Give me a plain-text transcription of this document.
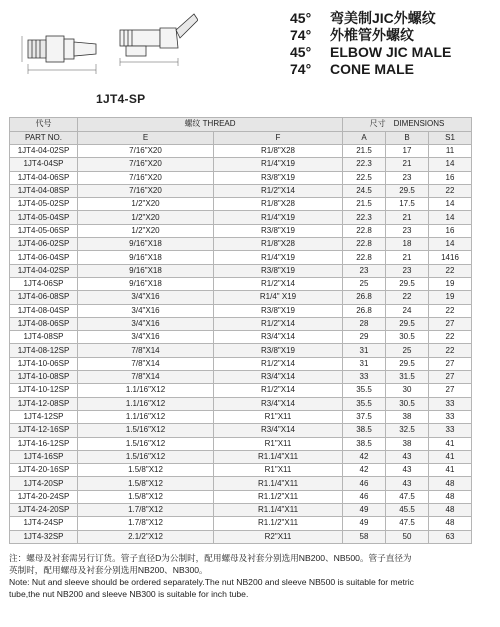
1JT4-SP
45° 弯美制JIC外螺纹
74° 外椎管外螺纹
45° ELBOW JIC MALE
74° CONE MALE
代号	螺纹 THREAD		尺寸　DIMENSIONS		
PART NO.	E	F	A	B	S1
1JT4-04-02SP	7/16"X20	R1/8"X28	21.5	17	11
1JT4-04SP	7/16"X20	R1/4"X19	22.3	21	14
1JT4-04-06SP	7/16"X20	R3/8"X19	22.5	23	16
1JT4-04-08SP	7/16"X20	R1/2"X14	24.5	29.5	22
1JT4-05-02SP	1/2"X20	R1/8"X28	21.5	17.5	14
1JT4-05-04SP	1/2"X20	R1/4"X19	22.3	21	14
1JT4-05-06SP	1/2"X20	R3/8"X19	22.8	23	16
1JT4-06-02SP	9/16"X18	R1/8"X28	22.8	18	14
1JT4-06-04SP	9/16"X18	R1/4"X19	22.8	21	1416
1JT4-04-02SP	9/16"X18	R3/8"X19	23	23	22
1JT4-06SP	9/16"X18	R1/2"X14	25	29.5	19
1JT4-06-08SP	3/4"X16	R1/4" X19	26.8	22	19
1JT4-08-04SP	3/4"X16	R3/8"X19	26.8	24	22
1JT4-08-06SP	3/4"X16	R1/2"X14	28	29.5	27
1JT4-08SP	3/4"X16	R3/4"X14	29	30.5	22
1JT4-08-12SP	7/8"X14	R3/8"X19	31	25	22
1JT4-10-06SP	7/8"X14	R1/2"X14	31	29.5	27
1JT4-10-08SP	7/8"X14	R3/4"X14	33	31.5	27
1JT4-10-12SP	1.1/16"X12	R1/2"X14	35.5	30	27
1JT4-12-08SP	1.1/16"X12	R3/4"X14	35.5	30.5	33
1JT4-12SP	1.1/16"X12	R1"X11	37.5	38	33
1JT4-12-16SP	1.5/16"X12	R3/4"X14	38.5	32.5	33
1JT4-16-12SP	1.5/16"X12	R1"X11	38.5	38	41
1JT4-16SP	1.5/16"X12	R1.1/4"X11	42	43	41
1JT4-20-16SP	1.5/8"X12	R1"X11	42	43	41
1JT4-20SP	1.5/8"X12	R1.1/4"X11	46	43	48
1JT4-20-24SP	1.5/8"X12	R1.1/2"X11	46	47.5	48
1JT4-24-20SP	1.7/8"X12	R1.1/4"X11	49	45.5	48
1JT4-24SP	1.7/8"X12	R1.1/2"X11	49	47.5	48
1JT4-32SP	2.1/2"X12	R2"X11	58	50	63
注：螺母及衬套需另行订货。管子直径D为公制时，配用螺母及衬套分别选用NB200、NB500。管子直径为
英制时，配用螺母及衬套分别选用NB200、NB300。
Note: Nut and sleeve should be ordered separately.The nut NB200 and sleeve NB500 is suitable for metric
tube,the nut NB200 and sleeve NB300 is suitable for inch tube.
